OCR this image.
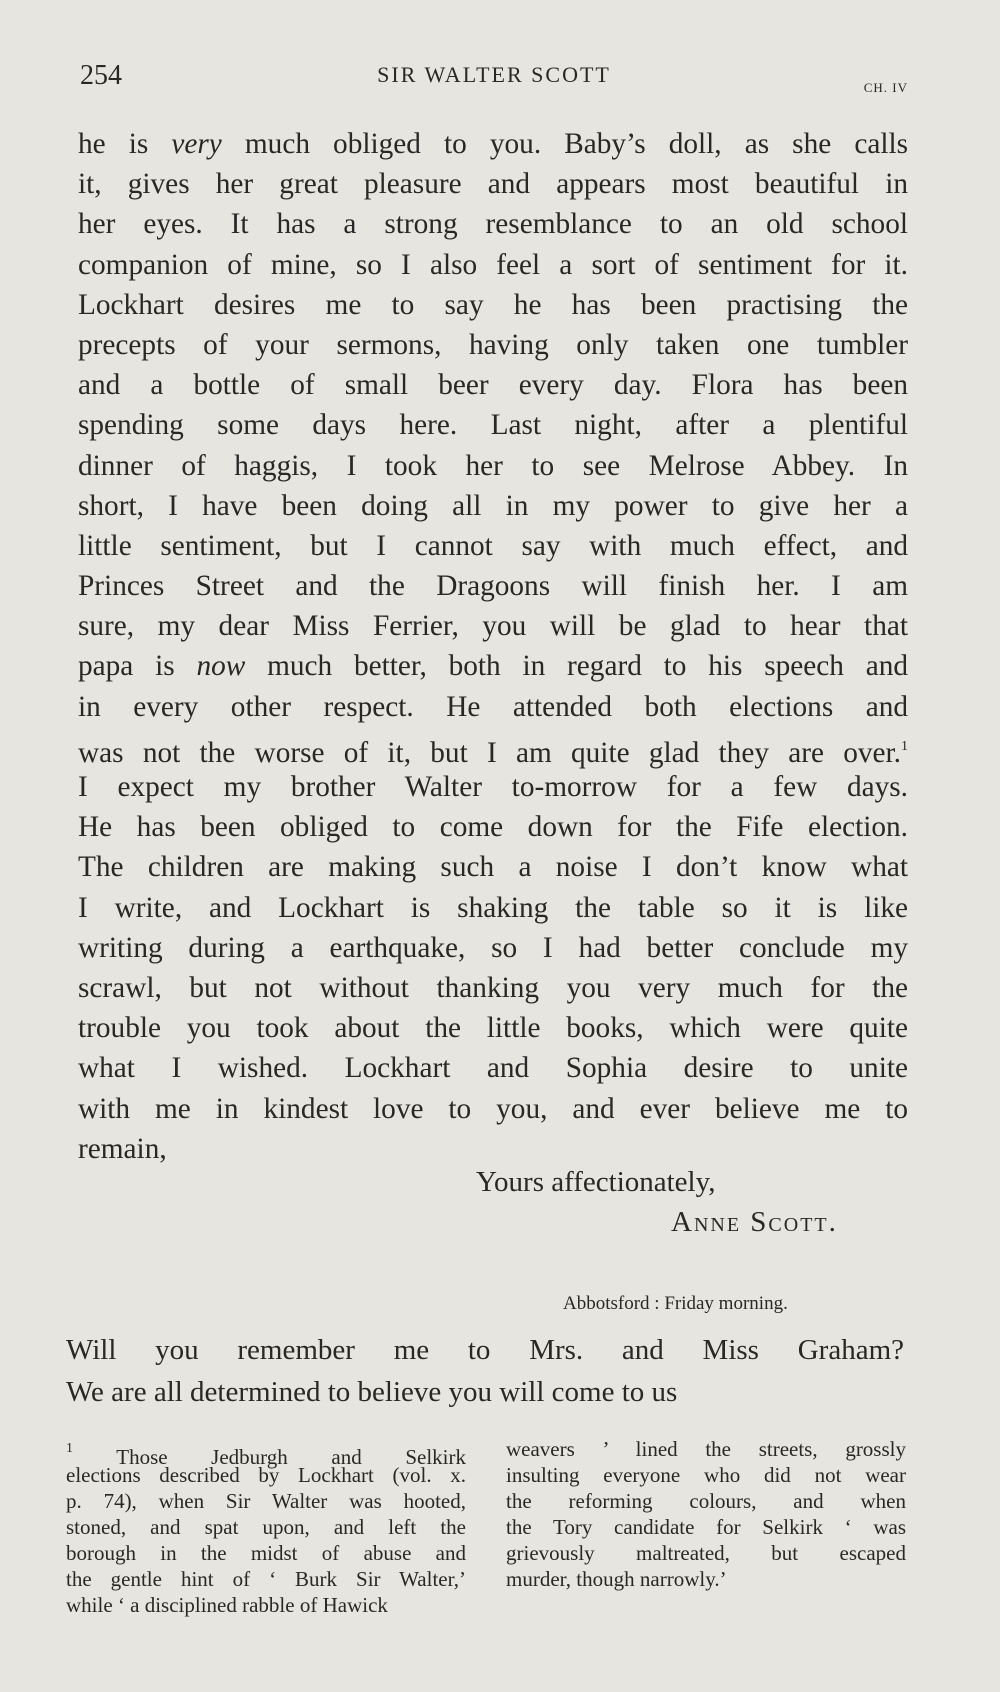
254	SIR WALTER SCOTT
CH. IV
he is very much obliged to you. Baby’s doll, as she calls
it, gives her great pleasure and appears most beautiful in
her eyes. It has a strong resemblance to an old school
companion of mine, so I also feel a sort of sentiment for it.
Lockhart desires me to say he has been practising the
precepts of your sermons, having only taken one tumbler
and a bottle of small beer every day. Flora has been
spending some days here. Last night, after a plentiful
dinner of haggis, I took her to see Melrose Abbey. In
short, I have been doing all in my power to give her a
little sentiment, but I cannot say with much effect, and
Princes Street and the Dragoons will finish her. I am
sure, my dear Miss Ferrier, you will be glad to hear that
papa is now much better, both in regard to his speech and
in every other respect. He attended both elections and
was not the worse of it, but I am quite glad they are over.$^1$
I expect my brother Walter to-morrow for a few days.
He has been obliged to come down for the Fife election.
The children are making such a noise I don’t know what
I write, and Lockhart is shaking the table so it is like
writing during a earthquake, so I had better conclude my
scrawl, but not without thanking you very much for the
trouble you took about the little books, which were quite
what I wished. Lockhart and Sophia desire to unite
with me in kindest love to you, and ever believe me to
remain,
Yours affectionately,
Anne Scott.
Abbotsford : Friday morning.
Will you remember me to Mrs. and Miss Graham?
We are all determined to believe you will come to us
$^1$ Those Jedburgh and Selkirk
elections described by Lockhart (vol. x.
p. 74), when Sir Walter was hooted,
stoned, and spat upon, and left the
borough in the midst of abuse and
the gentle hint of ‘ Burk Sir Walter,’
while ‘ a disciplined rabble of Hawick
weavers ’ lined the streets, grossly
insulting everyone who did not wear
the reforming colours, and when
the Tory candidate for Selkirk ‘ was
grievously maltreated, but escaped
murder, though narrowly.’
